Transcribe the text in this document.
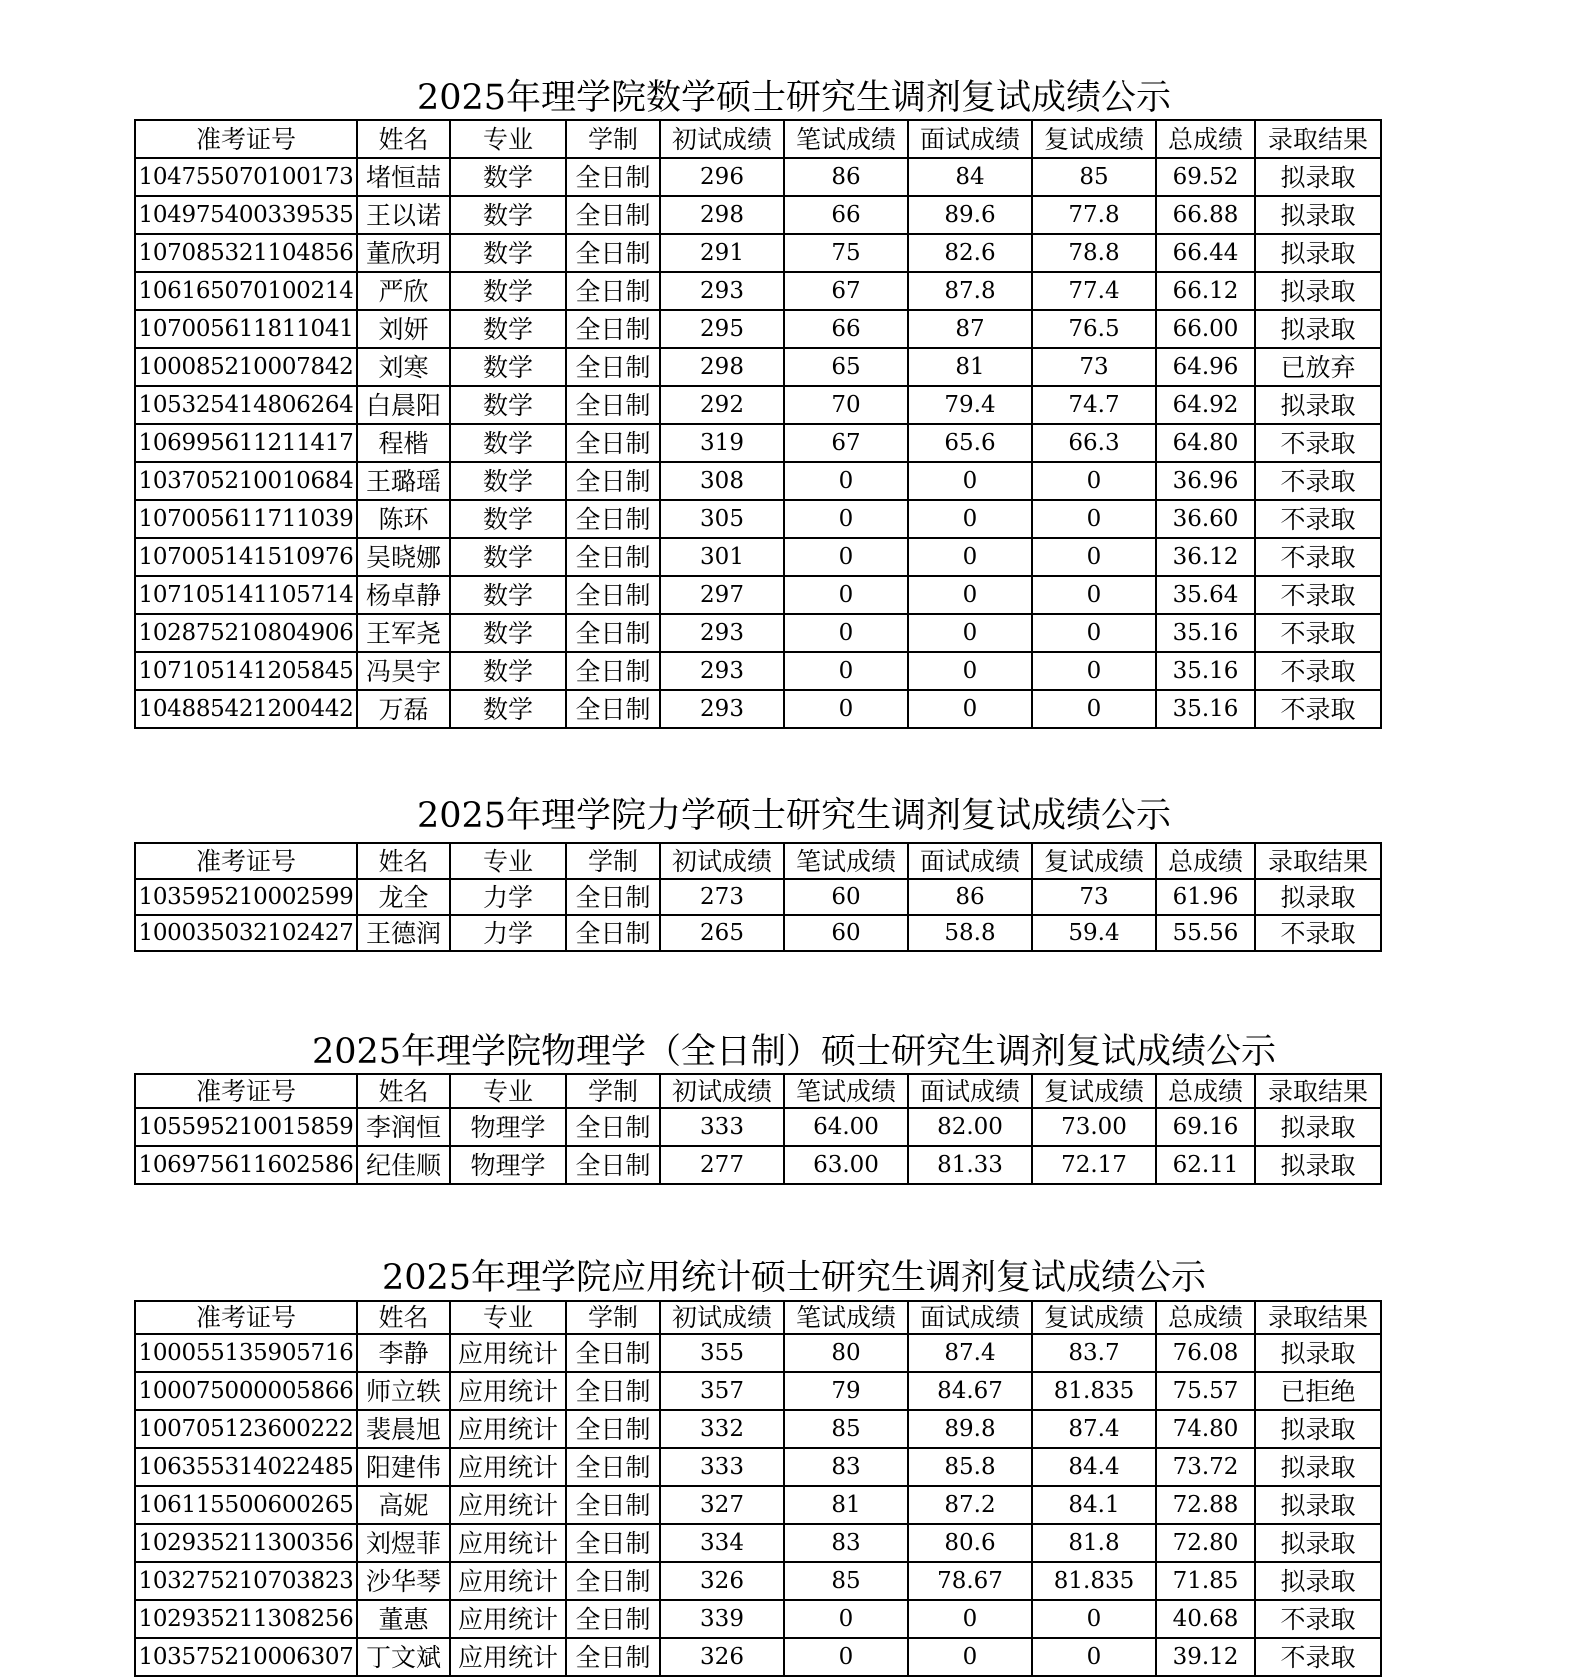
2025年理学院数学硕士研究生调剂复试成绩公示
准考证号	姓名	专业	学制	初试成绩	笔试成绩	面试成绩	复试成绩	总成绩	录取结果
104755070100173	堵恒喆	数学	全日制	296	86	84	85	69.52	拟录取
104975400339535	王以诺	数学	全日制	298	66	89.6	77.8	66.88	拟录取
107085321104856	董欣玥	数学	全日制	291	75	82.6	78.8	66.44	拟录取
106165070100214	严欣	数学	全日制	293	67	87.8	77.4	66.12	拟录取
107005611811041	刘妍	数学	全日制	295	66	87	76.5	66.00	拟录取
100085210007842	刘寒	数学	全日制	298	65	81	73	64.96	已放弃
105325414806264	白晨阳	数学	全日制	292	70	79.4	74.7	64.92	拟录取
106995611211417	程楷	数学	全日制	319	67	65.6	66.3	64.80	不录取
103705210010684	王璐瑶	数学	全日制	308	0	0	0	36.96	不录取
107005611711039	陈环	数学	全日制	305	0	0	0	36.60	不录取
107005141510976	吴晓娜	数学	全日制	301	0	0	0	36.12	不录取
107105141105714	杨卓静	数学	全日制	297	0	0	0	35.64	不录取
102875210804906	王军尧	数学	全日制	293	0	0	0	35.16	不录取
107105141205845	冯昊宇	数学	全日制	293	0	0	0	35.16	不录取
104885421200442	万磊	数学	全日制	293	0	0	0	35.16	不录取
2025年理学院力学硕士研究生调剂复试成绩公示
准考证号	姓名	专业	学制	初试成绩	笔试成绩	面试成绩	复试成绩	总成绩	录取结果
103595210002599	龙全	力学	全日制	273	60	86	73	61.96	拟录取
100035032102427	王德润	力学	全日制	265	60	58.8	59.4	55.56	不录取
2025年理学院物理学（全日制）硕士研究生调剂复试成绩公示
准考证号	姓名	专业	学制	初试成绩	笔试成绩	面试成绩	复试成绩	总成绩	录取结果
105595210015859	李润恒	物理学	全日制	333	64.00	82.00	73.00	69.16	拟录取
106975611602586	纪佳顺	物理学	全日制	277	63.00	81.33	72.17	62.11	拟录取
2025年理学院应用统计硕士研究生调剂复试成绩公示
准考证号	姓名	专业	学制	初试成绩	笔试成绩	面试成绩	复试成绩	总成绩	录取结果
100055135905716	李静	应用统计	全日制	355	80	87.4	83.7	76.08	拟录取
100075000005866	师立轶	应用统计	全日制	357	79	84.67	81.835	75.57	已拒绝
100705123600222	裴晨旭	应用统计	全日制	332	85	89.8	87.4	74.80	拟录取
106355314022485	阳建伟	应用统计	全日制	333	83	85.8	84.4	73.72	拟录取
106115500600265	高妮	应用统计	全日制	327	81	87.2	84.1	72.88	拟录取
102935211300356	刘煜菲	应用统计	全日制	334	83	80.6	81.8	72.80	拟录取
103275210703823	沙华琴	应用统计	全日制	326	85	78.67	81.835	71.85	拟录取
102935211308256	董惠	应用统计	全日制	339	0	0	0	40.68	不录取
103575210006307	丁文斌	应用统计	全日制	326	0	0	0	39.12	不录取
